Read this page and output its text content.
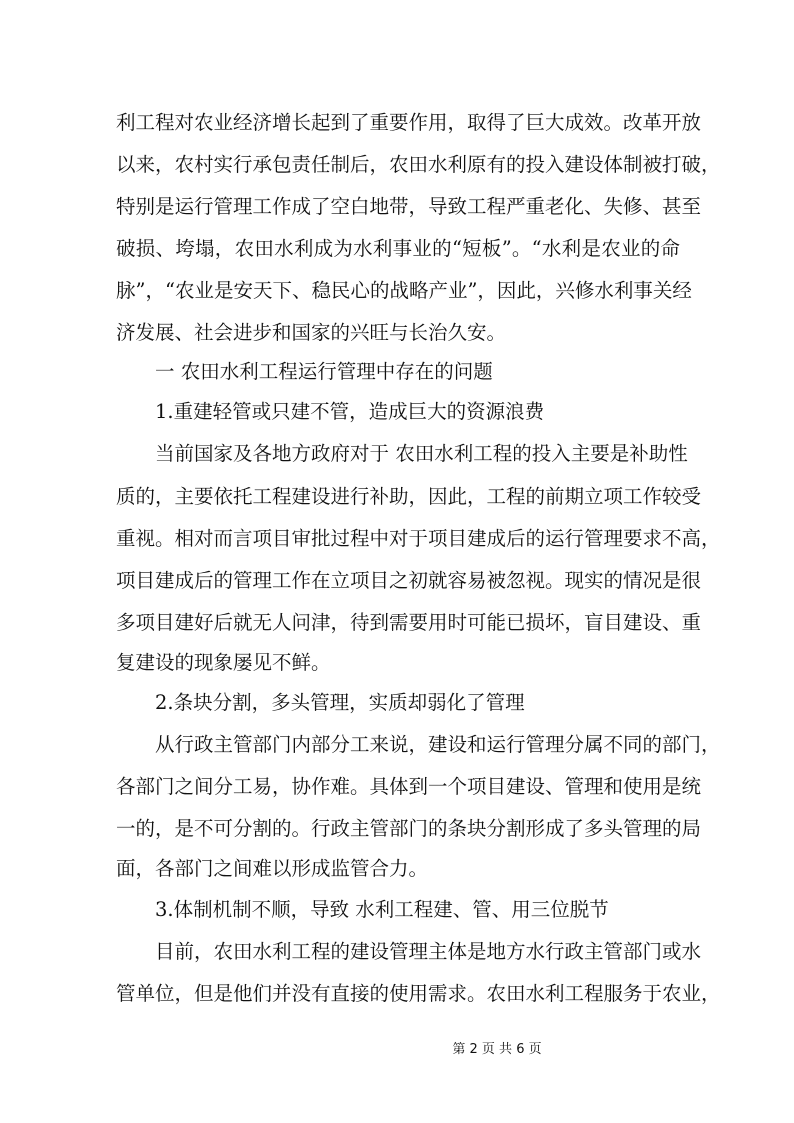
利工程对农业经济增长起到了重要作用，取得了巨大成效。改革开放
以来，农村实行承包责任制后，农田水利原有的投入建设体制被打破，
特别是运行管理工作成了空白地带，导致工程严重老化、失修、甚至
破损、垮塌，农田水利成为水利事业的“短板”。“水利是农业的命
脉”，“农业是安天下、稳民心的战略产业”，因此，兴修水利事关经
济发展、社会进步和国家的兴旺与长治久安。
一 农田水利工程运行管理中存在的问题
1.重建轻管或只建不管，造成巨大的资源浪费
当前国家及各地方政府对于 农田水利工程的投入主要是补助性
质的，主要依托工程建设进行补助，因此，工程的前期立项工作较受
重视。相对而言项目审批过程中对于项目建成后的运行管理要求不高，
项目建成后的管理工作在立项目之初就容易被忽视。现实的情况是很
多项目建好后就无人问津，待到需要用时可能已损坏，盲目建设、重
复建设的现象屡见不鲜。
2.条块分割，多头管理，实质却弱化了管理
从行政主管部门内部分工来说，建设和运行管理分属不同的部门，
各部门之间分工易，协作难。具体到一个项目建设、管理和使用是统
一的，是不可分割的。行政主管部门的条块分割形成了多头管理的局
面，各部门之间难以形成监管合力。
3.体制机制不顺，导致 水利工程建、管、用三位脱节
目前，农田水利工程的建设管理主体是地方水行政主管部门或水
管单位，但是他们并没有直接的使用需求。农田水利工程服务于农业，
第 2 页 共 6 页
